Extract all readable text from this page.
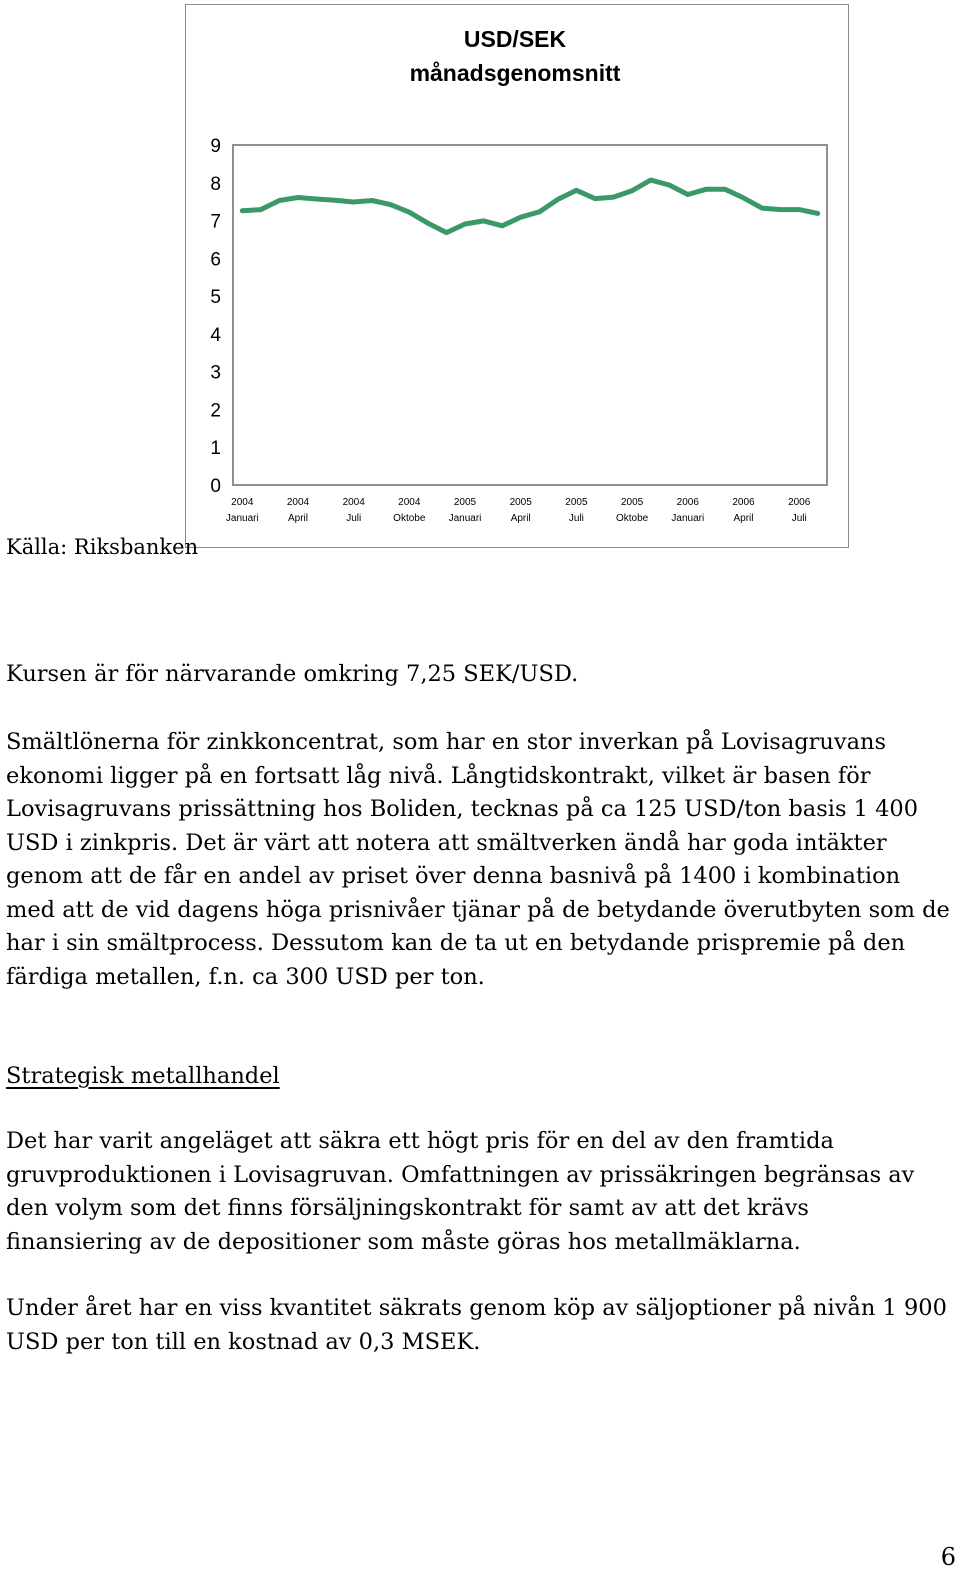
USD/SEK
månadsgenomsnitt
0
1
2
3
4
5
6
7
8
9
2004
Januari
2004
April
2004
Juli
2004
Oktobe
2005
Januari
2005
April
2005
Juli
2005
Oktobe
2006
Januari
2006
April
2006
Juli
Källa: Riksbanken

Kursen är för närvarande omkring 7,25 SEK/USD.

Smältlönerna för zinkkoncentrat, som har en stor inverkan på Lovisagruvans ekonomi ligger på en fortsatt låg nivå. Långtidskontrakt, vilket är basen för Lovisagruvans prissättning hos Boliden, tecknas på ca 125 USD/ton basis 1 400 USD i zinkpris. Det är värt att notera att smältverken ändå har goda intäkter genom att de får en andel av priset över denna basnivå på 1400 i kombination med att de vid dagens höga prisnivåer tjänar på de betydande överutbyten som de har i sin smältprocess. Dessutom kan de ta ut en betydande prispremie på den färdiga metallen, f.n. ca 300 USD per ton.

Strategisk metallhandel

Det har varit angeläget att säkra ett högt pris för en del av den framtida gruvproduktionen i Lovisagruvan. Omfattningen av prissäkringen begränsas av den volym som det finns försäljningskontrakt för samt av att det krävs finansiering av de depositioner som måste göras hos metallmäklarna.

Under året har en viss kvantitet säkrats genom köp av säljoptioner på nivån 1 900 USD per ton till en kostnad av 0,3 MSEK.

6
